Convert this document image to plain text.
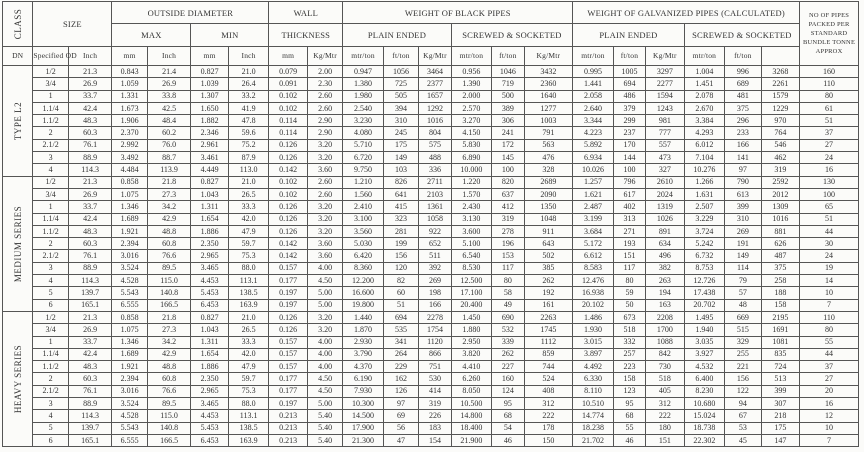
CLASS	SIZE		OUTSIDE DIAMETER				WALL		WEIGHT OF BLACK PIPES						WEIGHT OF GALVANIZED PIPES (CALCULATED)						NO OF PIPES PACKED PER STANDARD BUNDLE TONNE APPROX
			MAX		MIN		THICKNESS		PLAIN ENDED			SCREWED & SOCKETED			PLAIN ENDED			SCREWED & SOCKETED			
DN	Specified OD	Inch	mm	Inch	mm	Inch	mm	Kg/Mtr	mtr/ton	ft/ton	Kg/Mtr	mtr/ton	ft/ton	Kg/Mtr	mtr/ton	ft/ton	Kg/Mtr	mtr/ton	ft/ton		

TYPE L2	1/2	21.3	0.843	21.4	0.827	21.0	0.079	2.00	0.947	1056	3464	0.956	1046	3432	0.995	1005	3297	1.004	996	3268	160
	3/4	26.9	1.059	26.9	1.039	26.4	0.091	2.30	1.380	725	2377	1.390	719	2360	1.441	694	2277	1.451	689	2261	110
	1	33.7	1.331	33.8	1.307	33.2	0.102	2.60	1.980	505	1657	2.000	500	1640	2.058	486	1594	2.078	481	1579	80
	1.1/4	42.4	1.673	42.5	1.650	41.9	0.102	2.60	2.540	394	1292	2.570	389	1277	2.640	379	1243	2.670	375	1229	61
	1.1/2	48.3	1.906	48.4	1.882	47.8	0.114	2.90	3.230	310	1016	3.270	306	1003	3.344	299	981	3.384	296	970	51
	2	60.3	2.370	60.2	2.346	59.6	0.114	2.90	4.080	245	804	4.150	241	791	4.223	237	777	4.293	233	764	37
	2.1/2	76.1	2.992	76.0	2.961	75.2	0.126	3.20	5.710	175	575	5.830	172	563	5.892	170	557	6.012	166	546	27
	3	88.9	3.492	88.7	3.461	87.9	0.126	3.20	6.720	149	488	6.890	145	476	6.934	144	473	7.104	141	462	24
	4	114.3	4.484	113.9	4.449	113.0	0.142	3.60	9.750	103	336	10.000	100	328	10.026	100	327	10.276	97	319	16

MEDIUM SERIES	1/2	21.3	0.858	21.8	0.827	21.0	0.102	2.60	1.210	826	2711	1.220	820	2689	1.257	796	2610	1.266	790	2592	130
	3/4	26.9	1.075	27.3	1.043	26.5	0.102	2.60	1.560	641	2103	1.570	637	2090	1.621	617	2024	1.631	613	2012	100
	1	33.7	1.346	34.2	1.311	33.3	0.126	3.20	2.410	415	1361	2.430	412	1350	2.487	402	1319	2.507	399	1309	65
	1.1/4	42.4	1.689	42.9	1.654	42.0	0.126	3.20	3.100	323	1058	3.130	319	1048	3.199	313	1026	3.229	310	1016	51
	1.1/2	48.3	1.921	48.8	1.886	47.9	0.126	3.20	3.560	281	922	3.600	278	911	3.684	271	891	3.724	269	881	44
	2	60.3	2.394	60.8	2.350	59.7	0.142	3.60	5.030	199	652	5.100	196	643	5.172	193	634	5.242	191	626	30
	2.1/2	76.1	3.016	76.6	2.965	75.3	0.142	3.60	6.420	156	511	6.540	153	502	6.612	151	496	6.732	149	487	24
	3	88.9	3.524	89.5	3.465	88.0	0.157	4.00	8.360	120	392	8.530	117	385	8.583	117	382	8.753	114	375	19
	4	114.3	4.528	115.0	4.453	113.1	0.177	4.50	12.200	82	269	12.500	80	262	12.476	80	263	12.726	79	258	14
	5	139.7	5.543	140.8	5.453	138.5	0.197	5.00	16.600	60	198	17.100	58	192	16.938	59	194	17.438	57	188	10
	6	165.1	6.555	166.5	6.453	163.9	0.197	5.00	19.800	51	166	20.400	49	161	20.102	50	163	20.702	48	158	7

HEAVY SERIES	1/2	21.3	0.858	21.8	0.827	21.0	0.126	3.20	1.440	694	2278	1.450	690	2263	1.486	673	2208	1.495	669	2195	110
	3/4	26.9	1.075	27.3	1.043	26.5	0.126	3.20	1.870	535	1754	1.880	532	1745	1.930	518	1700	1.940	515	1691	80
	1	33.7	1.346	34.2	1.311	33.3	0.157	4.00	2.930	341	1120	2.950	339	1112	3.015	332	1088	3.035	329	1081	55
	1.1/4	42.4	1.689	42.9	1.654	42.0	0.157	4.00	3.790	264	866	3.820	262	859	3.897	257	842	3.927	255	835	44
	1.1/2	48.3	1.921	48.8	1.886	47.9	0.157	4.00	4.370	229	751	4.410	227	744	4.492	223	730	4.532	221	724	37
	2	60.3	2.394	60.8	2.350	59.7	0.177	4.50	6.190	162	530	6.260	160	524	6.330	158	518	6.400	156	513	27
	2.1/2	76.1	3.016	76.6	2.965	75.3	0.177	4.50	7.930	126	414	8.050	124	408	8.110	123	405	8.230	122	399	20
	3	88.9	3.524	89.5	3.465	88.0	0.197	5.00	10.300	97	319	10.500	95	312	10.510	95	312	10.680	94	307	16
	4	114.3	4.528	115.0	4.453	113.1	0.213	5.40	14.500	69	226	14.800	68	222	14.774	68	222	15.024	67	218	12
	5	139.7	5.543	140.8	5.453	138.5	0.213	5.40	17.900	56	183	18.400	54	178	18.238	55	180	18.738	53	175	10
	6	165.1	6.555	166.5	6.453	163.9	0.213	5.40	21.300	47	154	21.900	46	150	21.702	46	151	22.302	45	147	7
